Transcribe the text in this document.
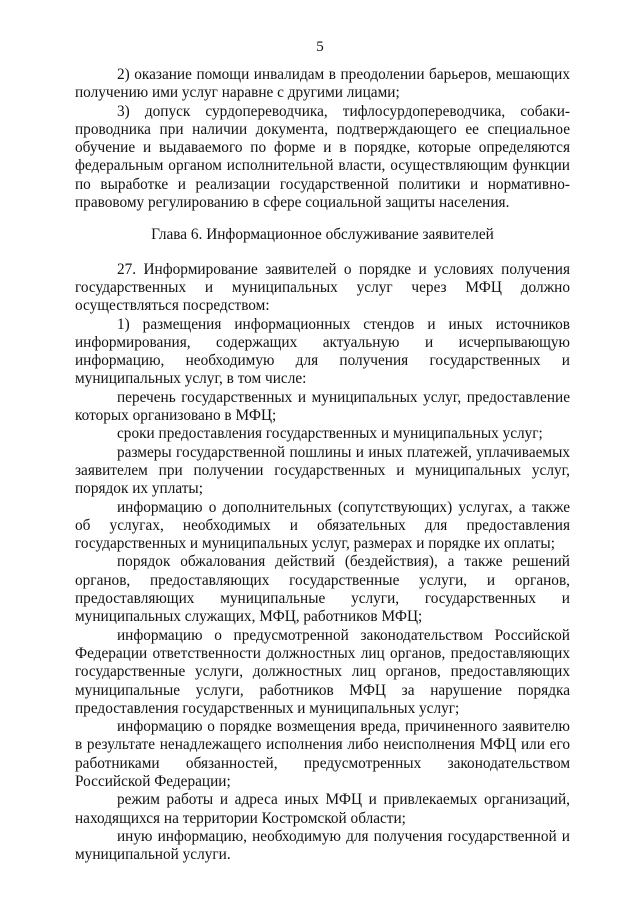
5

2) оказание помощи инвалидам в преодолении барьеров, мешающих получению ими услуг наравне с другими лицами;

3) допуск сурдопереводчика, тифлосурдопереводчика, собаки-проводника при наличии документа, подтверждающего ее специальное обучение и выдаваемого по форме и в порядке, которые определяются федеральным органом исполнительной власти, осуществляющим функции по выработке и реализации государственной политики и нормативно-правовому регулированию в сфере социальной защиты населения.

Глава 6. Информационное обслуживание заявителей

27. Информирование заявителей о порядке и условиях получения государственных и муниципальных услуг через МФЦ должно осуществляться посредством:

1) размещения информационных стендов и иных источников информирования, содержащих актуальную и исчерпывающую информацию, необходимую для получения государственных и муниципальных услуг, в том числе:

перечень государственных и муниципальных услуг, предоставление которых организовано в МФЦ;

сроки предоставления государственных и муниципальных услуг;

размеры государственной пошлины и иных платежей, уплачиваемых заявителем при получении государственных и муниципальных услуг, порядок их уплаты;

информацию о дополнительных (сопутствующих) услугах, а также об услугах, необходимых и обязательных для предоставления государственных и муниципальных услуг, размерах и порядке их оплаты;

порядок обжалования действий (бездействия), а также решений органов, предоставляющих государственные услуги, и органов, предоставляющих муниципальные услуги, государственных и муниципальных служащих, МФЦ, работников МФЦ;

информацию о предусмотренной законодательством Российской Федерации ответственности должностных лиц органов, предоставляющих государственные услуги, должностных лиц органов, предоставляющих муниципальные услуги, работников МФЦ за нарушение порядка предоставления государственных и муниципальных услуг;

информацию о порядке возмещения вреда, причиненного заявителю в результате ненадлежащего исполнения либо неисполнения МФЦ или его работниками обязанностей, предусмотренных законодательством Российской Федерации;

режим работы и адреса иных МФЦ и привлекаемых организаций, находящихся на территории Костромской области;

иную информацию, необходимую для получения государственной и муниципальной услуги.
